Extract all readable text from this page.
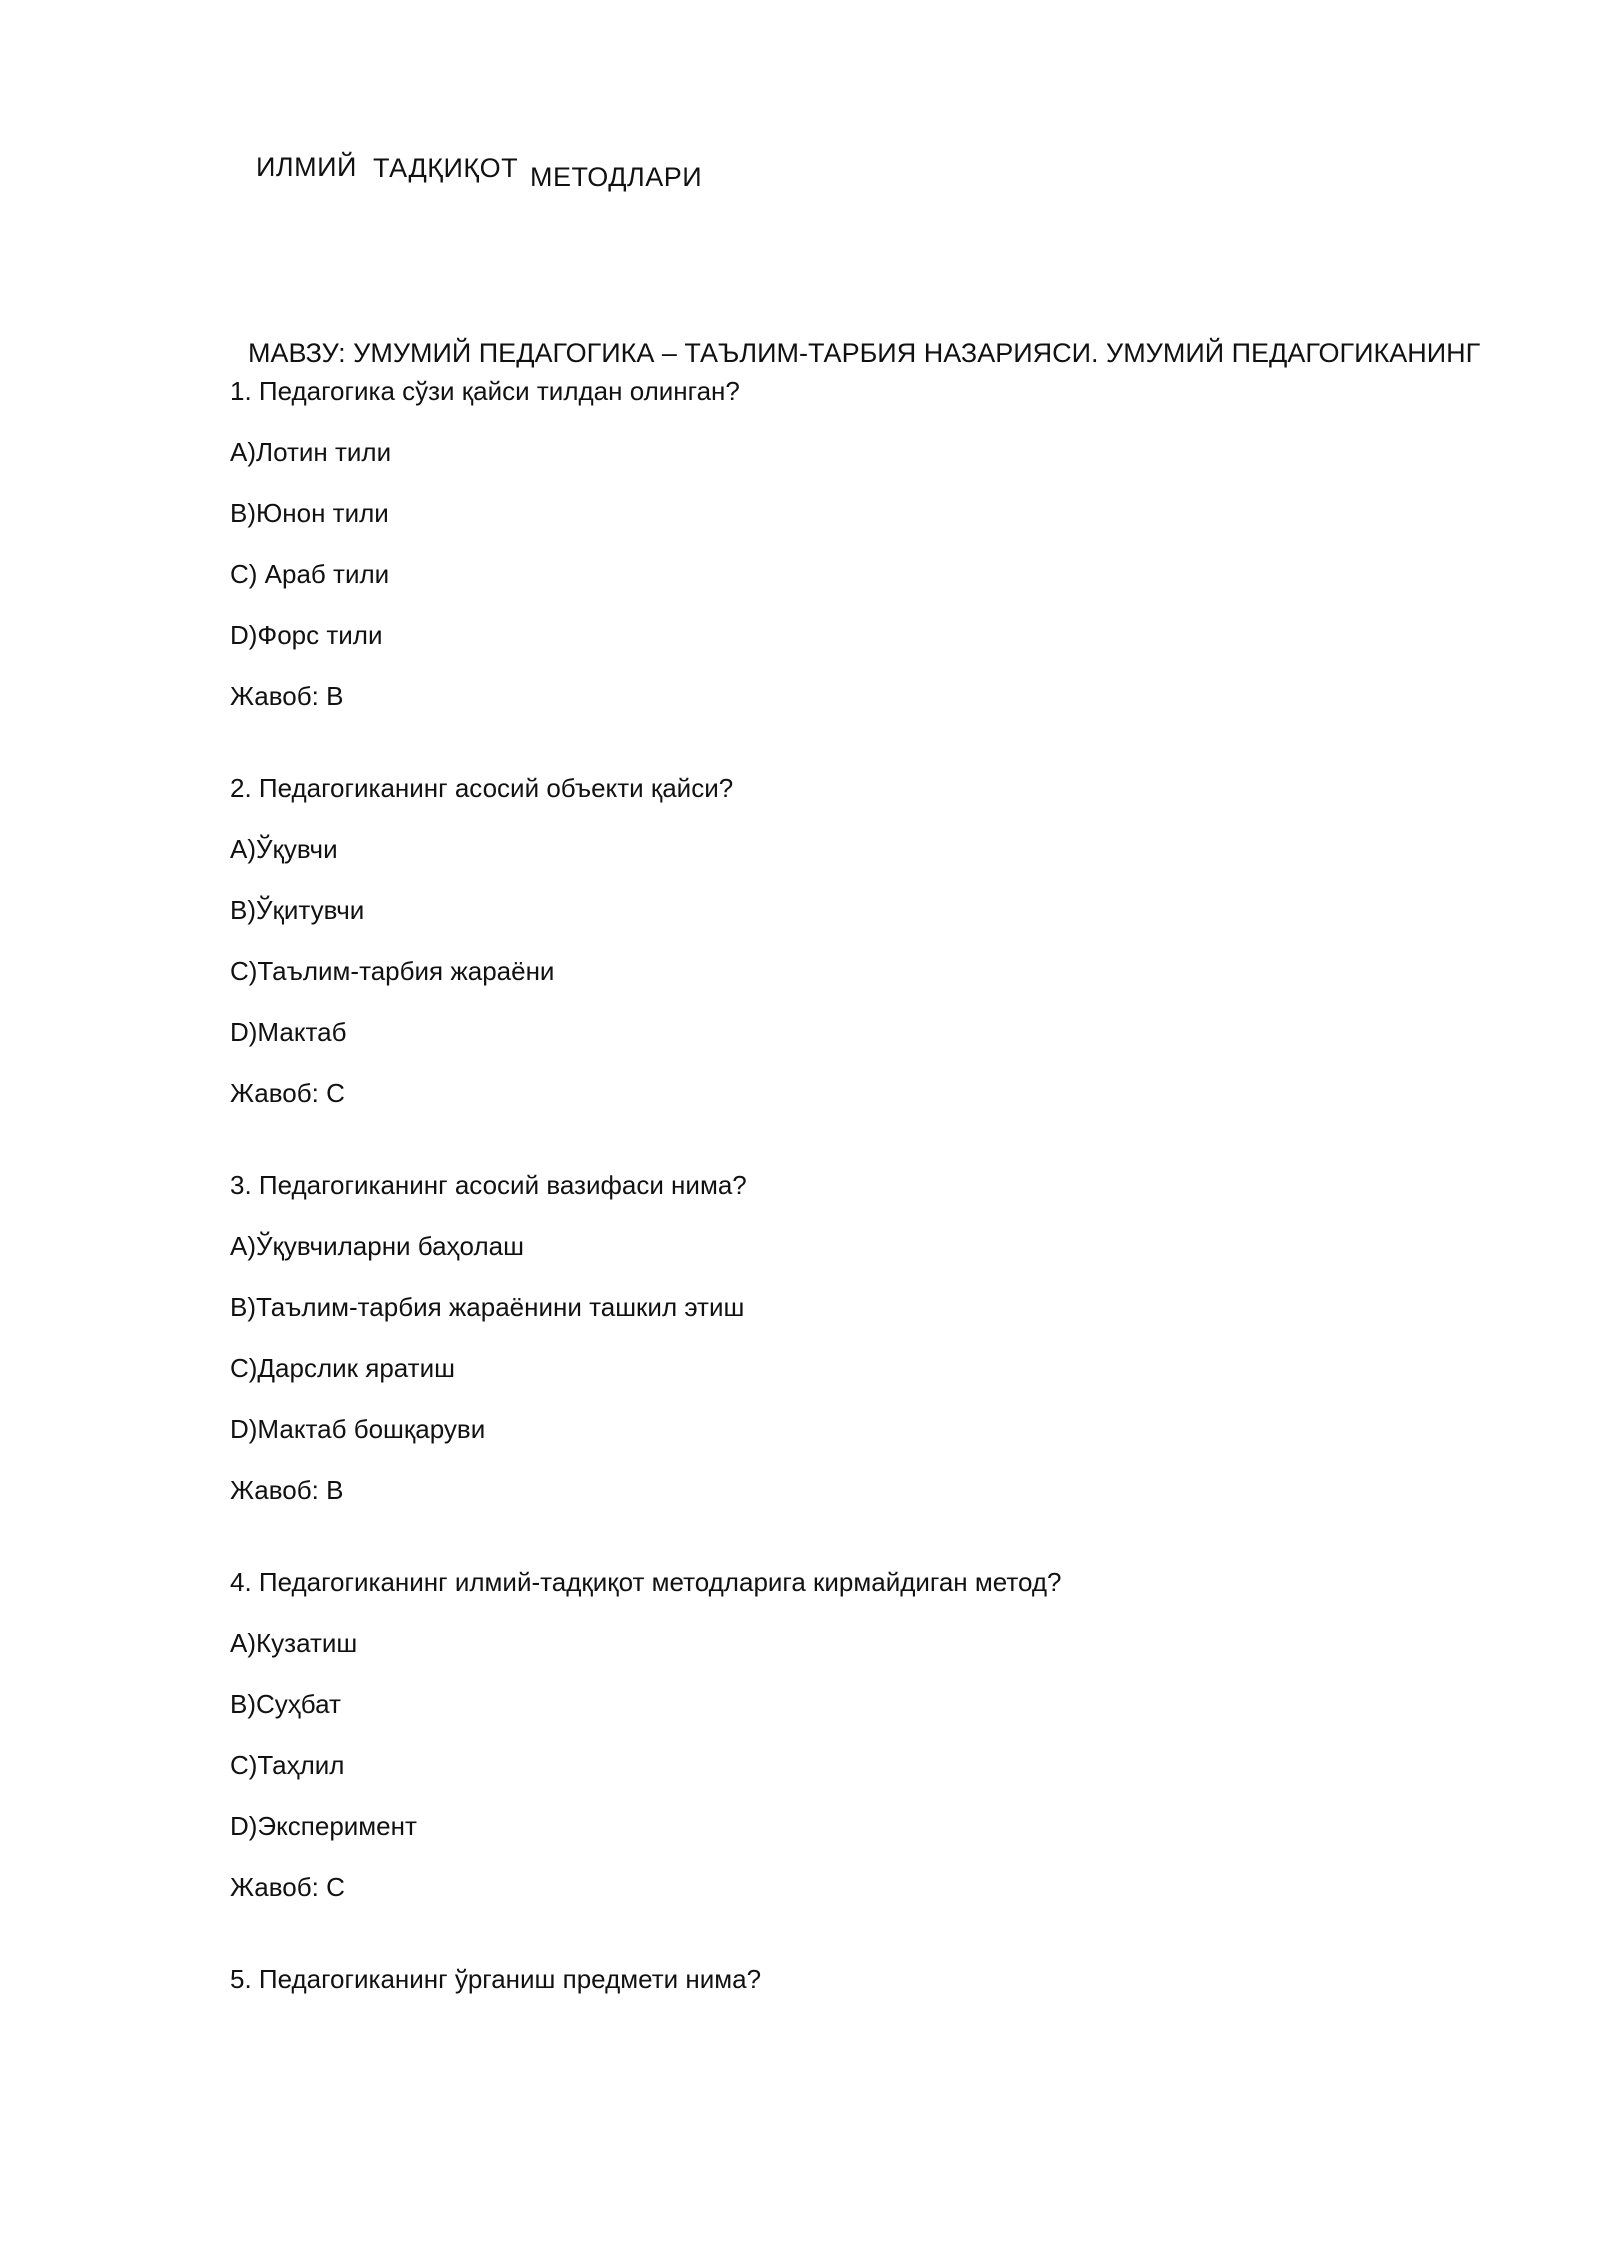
ИЛМИЙ ТАДҚИҚОТ МЕТОДЛАРИ
МАВЗУ: УМУМИЙ ПЕДАГОГИКА – ТАЪЛИМ-ТАРБИЯ НАЗАРИЯСИ. УМУМИЙ ПЕДАГОГИКАНИНГ
1. Педагогика сўзи қайси тилдан олинган?
A)Лотин тили
B)Юнон тили
C) Араб тили
D)Форс тили
Жавоб: B
2. Педагогиканинг асосий объекти қайси?
A)Ўқувчи
B)Ўқитувчи
C)Таълим-тарбия жараёни
D)Мактаб
Жавоб: C
3. Педагогиканинг асосий вазифаси нима?
A)Ўқувчиларни баҳолаш
B)Таълим-тарбия жараёнини ташкил этиш
C)Дарслик яратиш
D)Мактаб бошқаруви
Жавоб: B
4. Педагогиканинг илмий-тадқиқот методларига кирмайдиган метод?
A)Кузатиш
B)Суҳбат
C)Таҳлил
D)Эксперимент
Жавоб: C
5. Педагогиканинг ўрганиш предмети нима?
